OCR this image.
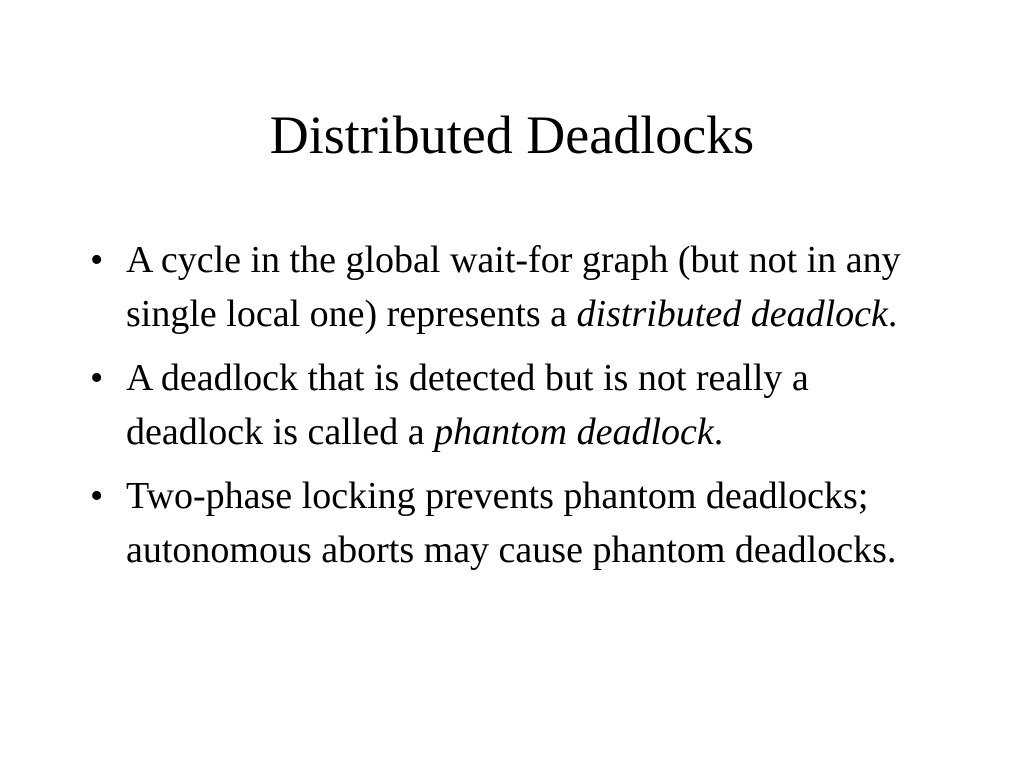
Distributed Deadlocks
• A cycle in the global wait-for graph (but not in any single local one) represents a distributed deadlock.
• A deadlock that is detected but is not really a deadlock is called a phantom deadlock.
• Two-phase locking prevents phantom deadlocks; autonomous aborts may cause phantom deadlocks.
